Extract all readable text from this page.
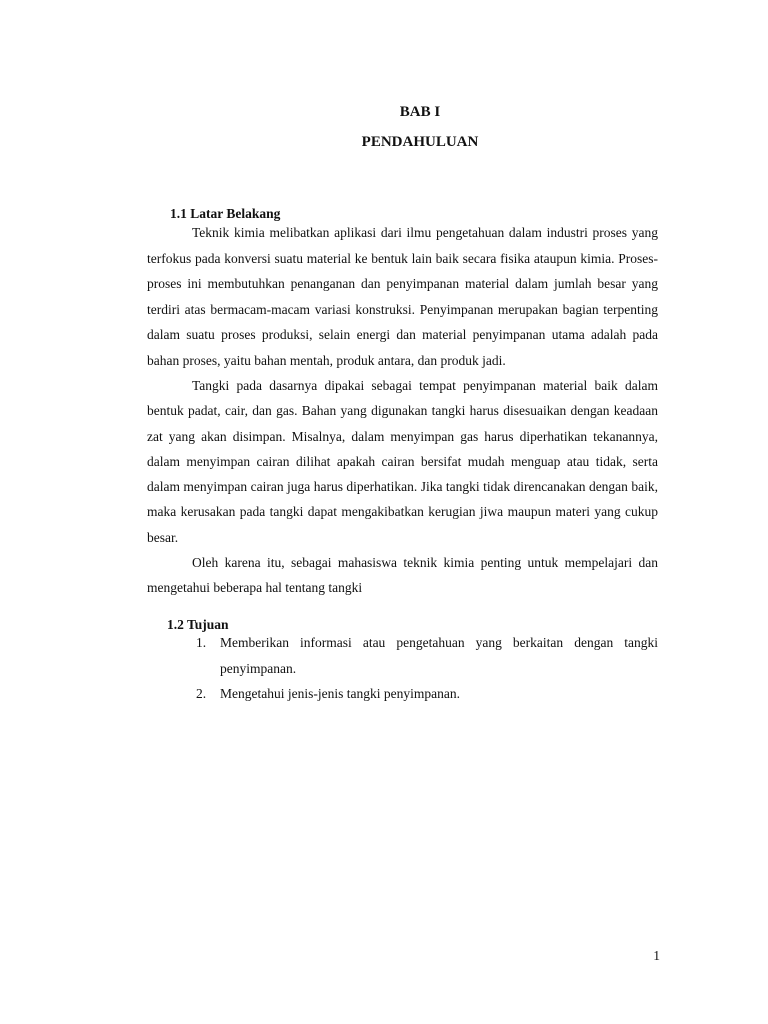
BAB I
PENDAHULUAN
1.1 Latar Belakang

Teknik kimia melibatkan aplikasi dari ilmu pengetahuan dalam industri proses yang terfokus pada konversi suatu material ke bentuk lain baik secara fisika ataupun kimia. Proses-proses ini membutuhkan penanganan dan penyimpanan material dalam jumlah besar yang terdiri atas bermacam-macam variasi konstruksi. Penyimpanan merupakan bagian terpenting dalam suatu proses produksi, selain energi dan material penyimpanan utama adalah pada bahan proses, yaitu bahan mentah, produk antara, dan produk jadi.

Tangki pada dasarnya dipakai sebagai tempat penyimpanan material baik dalam bentuk padat, cair, dan gas. Bahan yang digunakan tangki harus disesuaikan dengan keadaan zat yang akan disimpan. Misalnya, dalam menyimpan gas harus diperhatikan tekanannya, dalam menyimpan cairan dilihat apakah cairan bersifat mudah menguap atau tidak, serta dalam menyimpan cairan juga harus diperhatikan. Jika tangki tidak direncanakan dengan baik, maka kerusakan pada tangki dapat mengakibatkan kerugian jiwa maupun materi yang cukup besar.

Oleh karena itu, sebagai mahasiswa teknik kimia penting untuk mempelajari dan mengetahui beberapa hal tentang tangki

1.2 Tujuan
1. Memberikan informasi atau pengetahuan yang berkaitan dengan tangki penyimpanan.
2. Mengetahui jenis-jenis tangki penyimpanan.
1
